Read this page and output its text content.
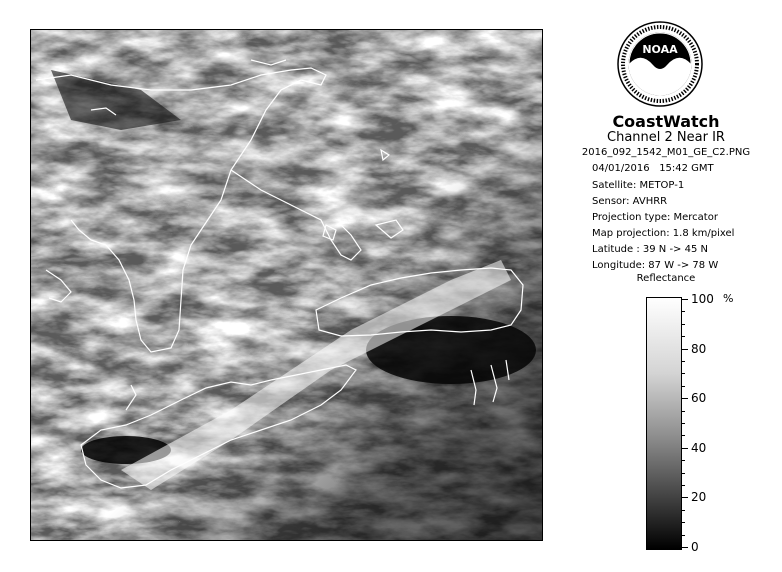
NOAA
CoastWatch
Channel 2 Near IR
2016_092_1542_M01_GE_C2.PNG
04/01/2016 15:42 GMT
Satellite: METOP-1
Sensor: AVHRR
Projection type: Mercator
Map projection: 1.8 km/pixel
Latitude : 39 N -> 45 N
Longitude: 87 W -> 78 W
Reflectance
%
100
80
60
40
20
0
